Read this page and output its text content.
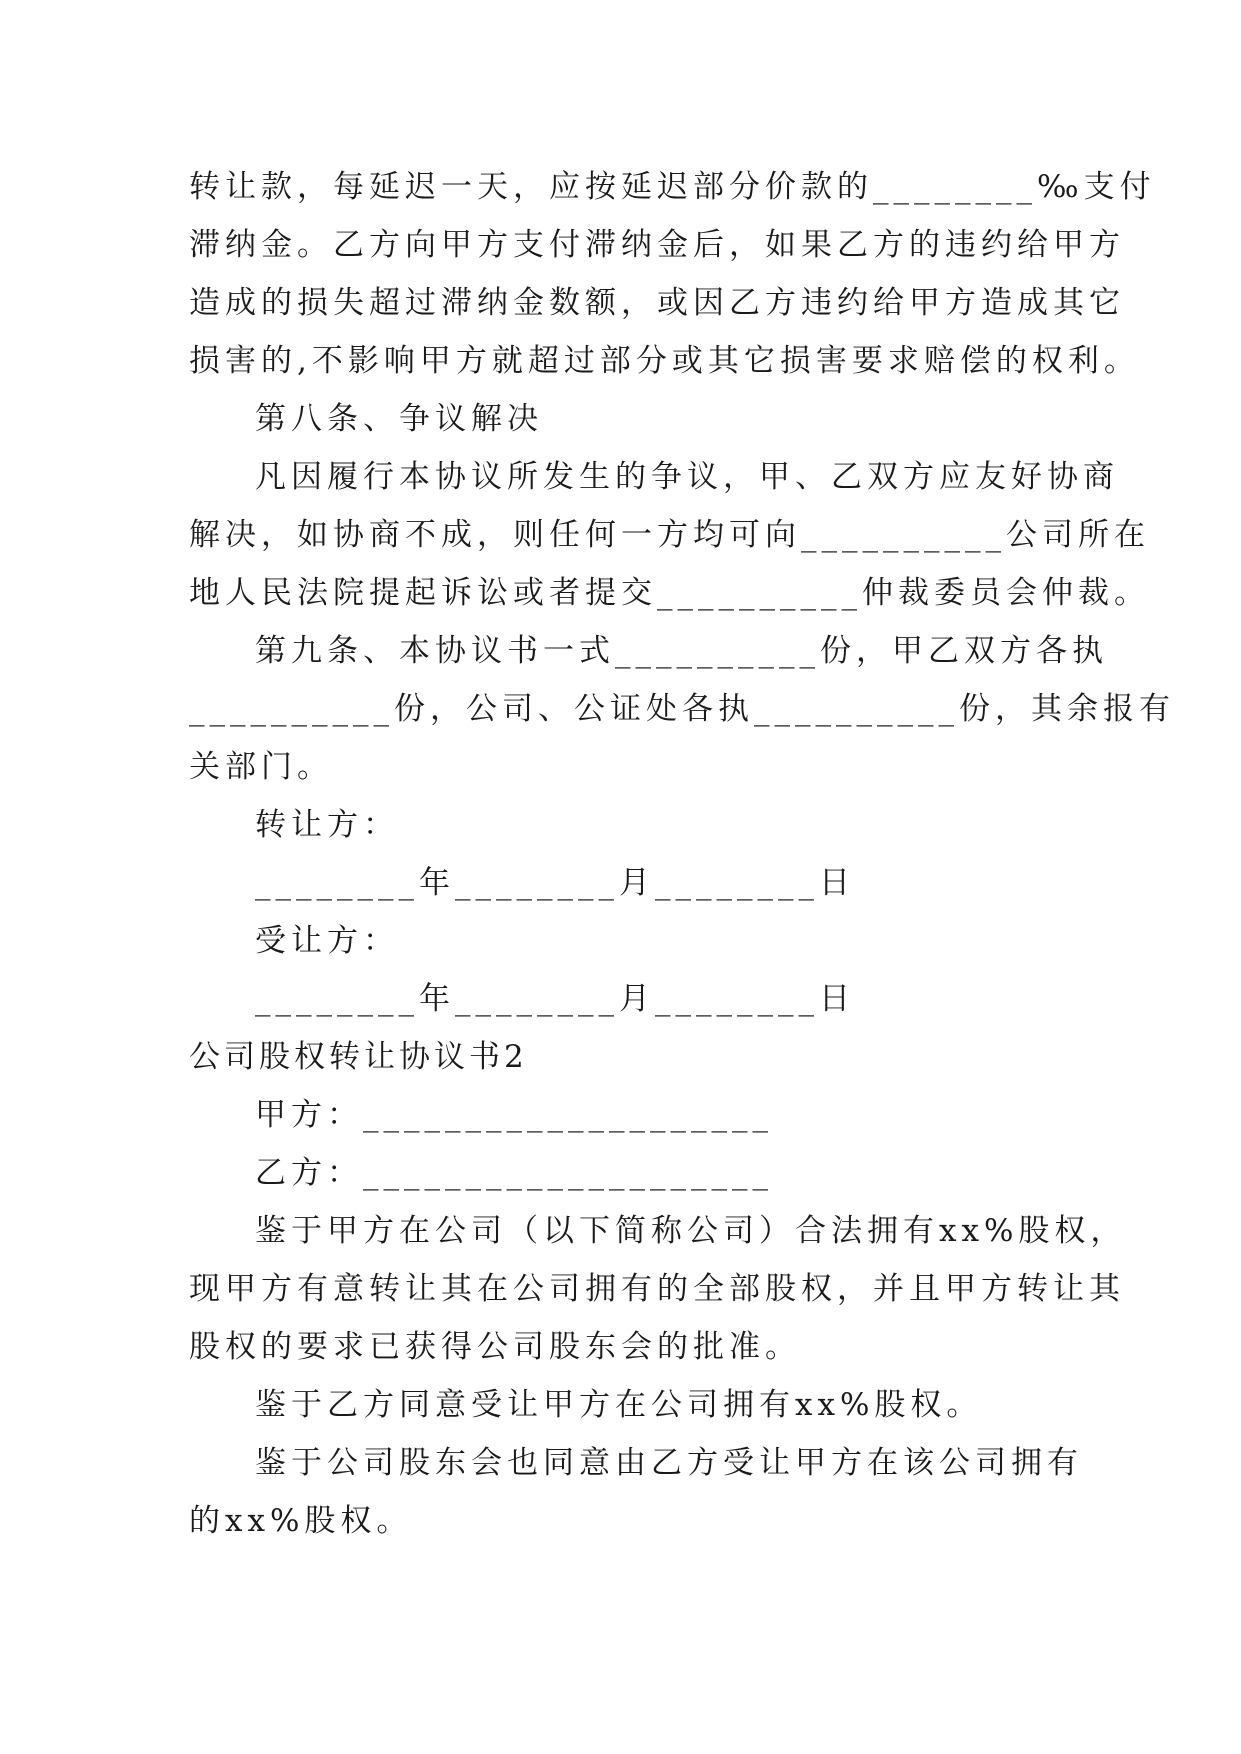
转让款，每延迟一天，应按延迟部分价款的________‰支付
滞纳金。乙方向甲方支付滞纳金后，如果乙方的违约给甲方
造成的损失超过滞纳金数额，或因乙方违约给甲方造成其它
损害的,不影响甲方就超过部分或其它损害要求赔偿的权利。
第八条、争议解决
凡因履行本协议所发生的争议，甲、乙双方应友好协商
解决，如协商不成，则任何一方均可向__________公司所在
地人民法院提起诉讼或者提交__________仲裁委员会仲裁。
第九条、本协议书一式__________份，甲乙双方各执
__________份，公司、公证处各执__________份，其余报有
关部门。
转让方：
________年________月________日
受让方：
________年________月________日
公司股权转让协议书2
甲方：____________________
乙方：____________________
鉴于甲方在公司（以下简称公司）合法拥有xx%股权，
现甲方有意转让其在公司拥有的全部股权，并且甲方转让其
股权的要求已获得公司股东会的批准。
鉴于乙方同意受让甲方在公司拥有xx%股权。
鉴于公司股东会也同意由乙方受让甲方在该公司拥有
的xx%股权。
